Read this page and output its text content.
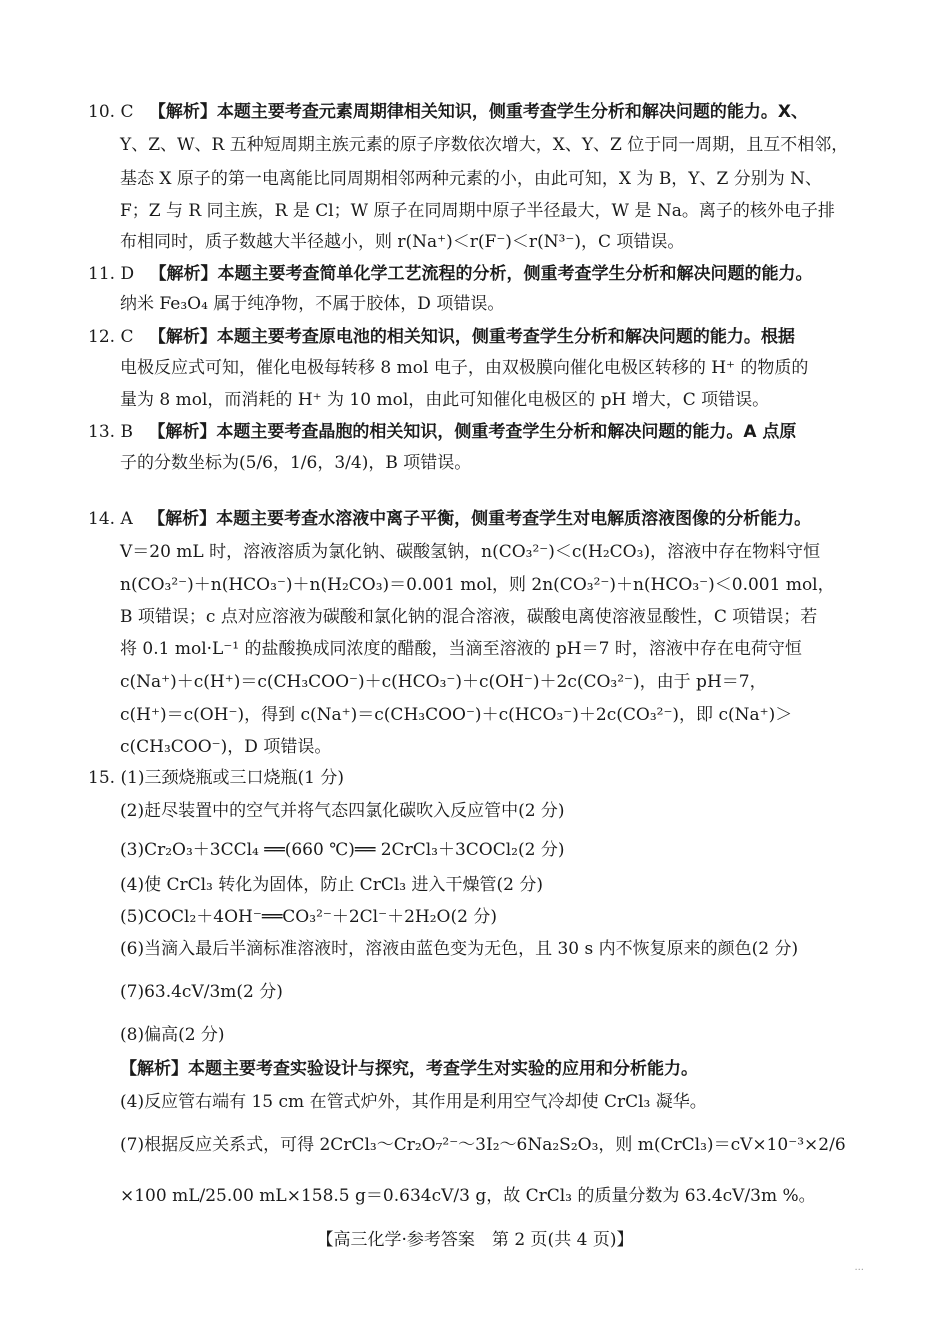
10. C 【解析】本题主要考查元素周期律相关知识，侧重考查学生分析和解决问题的能力。X、
Y、Z、W、R 五种短周期主族元素的原子序数依次增大，X、Y、Z 位于同一周期，且互不相邻，
基态 X 原子的第一电离能比同周期相邻两种元素的小，由此可知，X 为 B，Y、Z 分别为 N、
F；Z 与 R 同主族，R 是 Cl；W 原子在同周期中原子半径最大，W 是 Na。离子的核外电子排
布相同时，质子数越大半径越小，则 r(Na⁺)＜r(F⁻)＜r(N³⁻)，C 项错误。
11. D 【解析】本题主要考查简单化学工艺流程的分析，侧重考查学生分析和解决问题的能力。
纳米 Fe₃O₄ 属于纯净物，不属于胶体，D 项错误。
12. C 【解析】本题主要考查原电池的相关知识，侧重考查学生分析和解决问题的能力。根据
电极反应式可知，催化电极每转移 8 mol 电子，由双极膜向催化电极区转移的 H⁺ 的物质的
量为 8 mol，而消耗的 H⁺ 为 10 mol，由此可知催化电极区的 pH 增大，C 项错误。
13. B 【解析】本题主要考查晶胞的相关知识，侧重考查学生分析和解决问题的能力。A 点原
子的分数坐标为(5/6，1/6，3/4)，B 项错误。
14. A 【解析】本题主要考查水溶液中离子平衡，侧重考查学生对电解质溶液图像的分析能力。
V＝20 mL 时，溶液溶质为氯化钠、碳酸氢钠，n(CO₃²⁻)＜c(H₂CO₃)，溶液中存在物料守恒
n(CO₃²⁻)＋n(HCO₃⁻)＋n(H₂CO₃)＝0.001 mol，则 2n(CO₃²⁻)＋n(HCO₃⁻)＜0.001 mol，
B 项错误；c 点对应溶液为碳酸和氯化钠的混合溶液，碳酸电离使溶液显酸性，C 项错误；若
将 0.1 mol·L⁻¹ 的盐酸换成同浓度的醋酸，当滴至溶液的 pH＝7 时，溶液中存在电荷守恒
c(Na⁺)＋c(H⁺)＝c(CH₃COO⁻)＋c(HCO₃⁻)＋c(OH⁻)＋2c(CO₃²⁻)，由于 pH＝7，
c(H⁺)＝c(OH⁻)，得到 c(Na⁺)＝c(CH₃COO⁻)＋c(HCO₃⁻)＋2c(CO₃²⁻)，即 c(Na⁺)＞
c(CH₃COO⁻)，D 项错误。
15. (1)三颈烧瓶或三口烧瓶(1 分)
(2)赶尽装置中的空气并将气态四氯化碳吹入反应管中(2 分)
(3)Cr₂O₃＋3CCl₄ ══(660 ℃)══ 2CrCl₃＋3COCl₂(2 分)
(4)使 CrCl₃ 转化为固体，防止 CrCl₃ 进入干燥管(2 分)
(5)COCl₂＋4OH⁻══CO₃²⁻＋2Cl⁻＋2H₂O(2 分)
(6)当滴入最后半滴标准溶液时，溶液由蓝色变为无色，且 30 s 内不恢复原来的颜色(2 分)
(7)63.4cV/3m(2 分)
(8)偏高(2 分)
【解析】本题主要考查实验设计与探究，考查学生对实验的应用和分析能力。
(4)反应管右端有 15 cm 在管式炉外，其作用是利用空气冷却使 CrCl₃ 凝华。
(7)根据反应关系式，可得 2CrCl₃～Cr₂O₇²⁻～3I₂～6Na₂S₂O₃，则 m(CrCl₃)＝cV×10⁻³×2/6
×100 mL/25.00 mL×158.5 g＝0.634cV/3 g，故 CrCl₃ 的质量分数为 63.4cV/3m %。
【高三化学·参考答案　第 2 页(共 4 页)】
...
